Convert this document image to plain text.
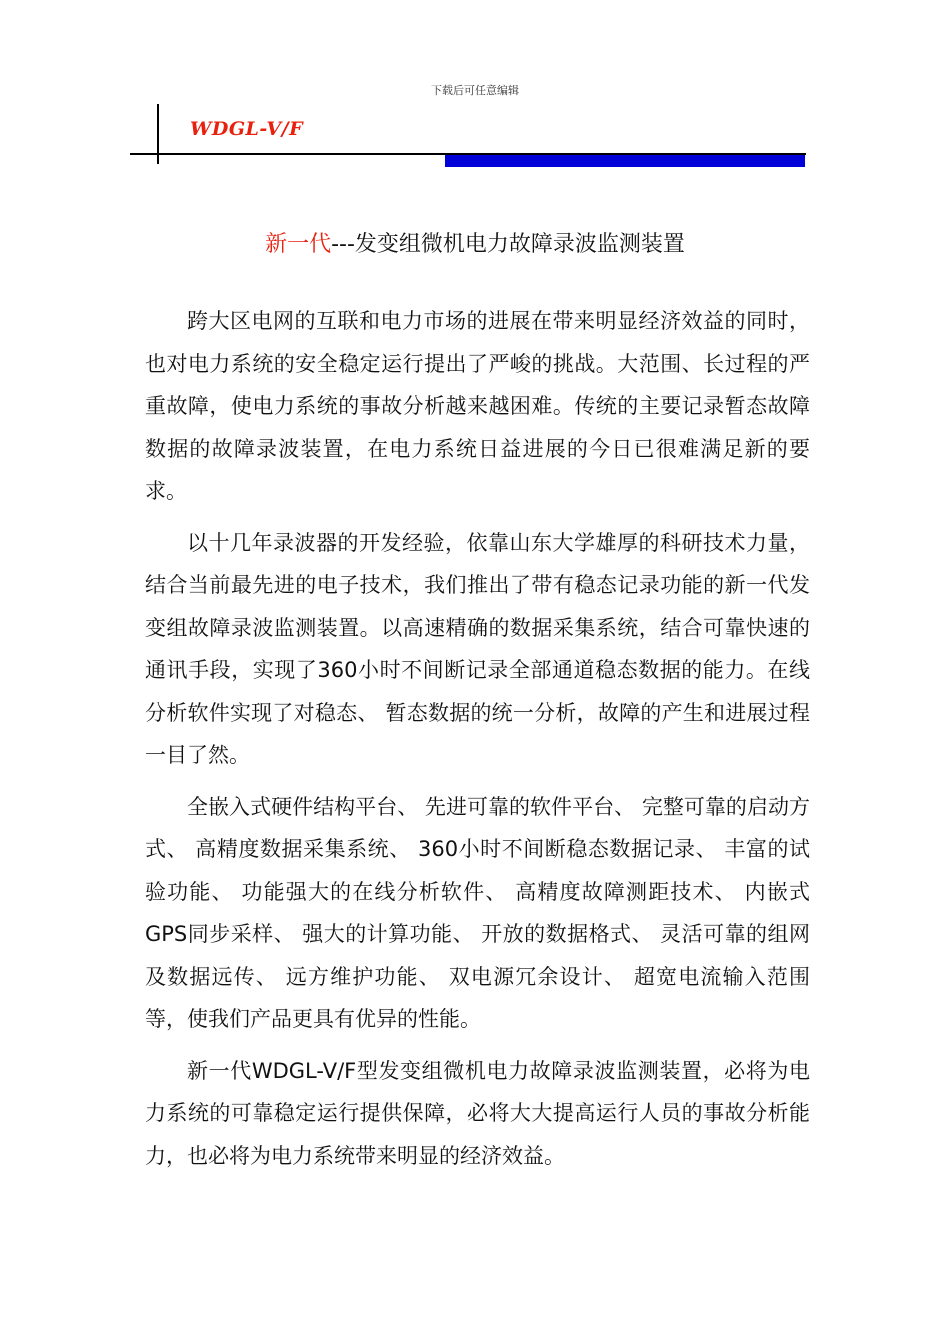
下载后可任意编辑
WDGL-V/F
新一代---发变组微机电力故障录波监测装置

跨大区电网的互联和电力市场的进展在带来明显经济效益的同时，也对电力系统的安全稳定运行提出了严峻的挑战。大范围、长过程的严重故障，使电力系统的事故分析越来越困难。传统的主要记录暂态故障数据的故障录波装置，在电力系统日益进展的今日已很难满足新的要求。

以十几年录波器的开发经验，依靠山东大学雄厚的科研技术力量，结合当前最先进的电子技术，我们推出了带有稳态记录功能的新一代发变组故障录波监测装置。以高速精确的数据采集系统，结合可靠快速的通讯手段，实现了360小时不间断记录全部通道稳态数据的能力。在线分析软件实现了对稳态、 暂态数据的统一分析，故障的产生和进展过程一目了然。

全嵌入式硬件结构平台、 先进可靠的软件平台、 完整可靠的启动方式、 高精度数据采集系统、 360小时不间断稳态数据记录、 丰富的试验功能、 功能强大的在线分析软件、 高精度故障测距技术、 内嵌式GPS同步采样、 强大的计算功能、 开放的数据格式、 灵活可靠的组网及数据远传、 远方维护功能、 双电源冗余设计、 超宽电流输入范围等，使我们产品更具有优异的性能。

新一代WDGL-V/F型发变组微机电力故障录波监测装置，必将为电力系统的可靠稳定运行提供保障，必将大大提高运行人员的事故分析能力，也必将为电力系统带来明显的经济效益。
